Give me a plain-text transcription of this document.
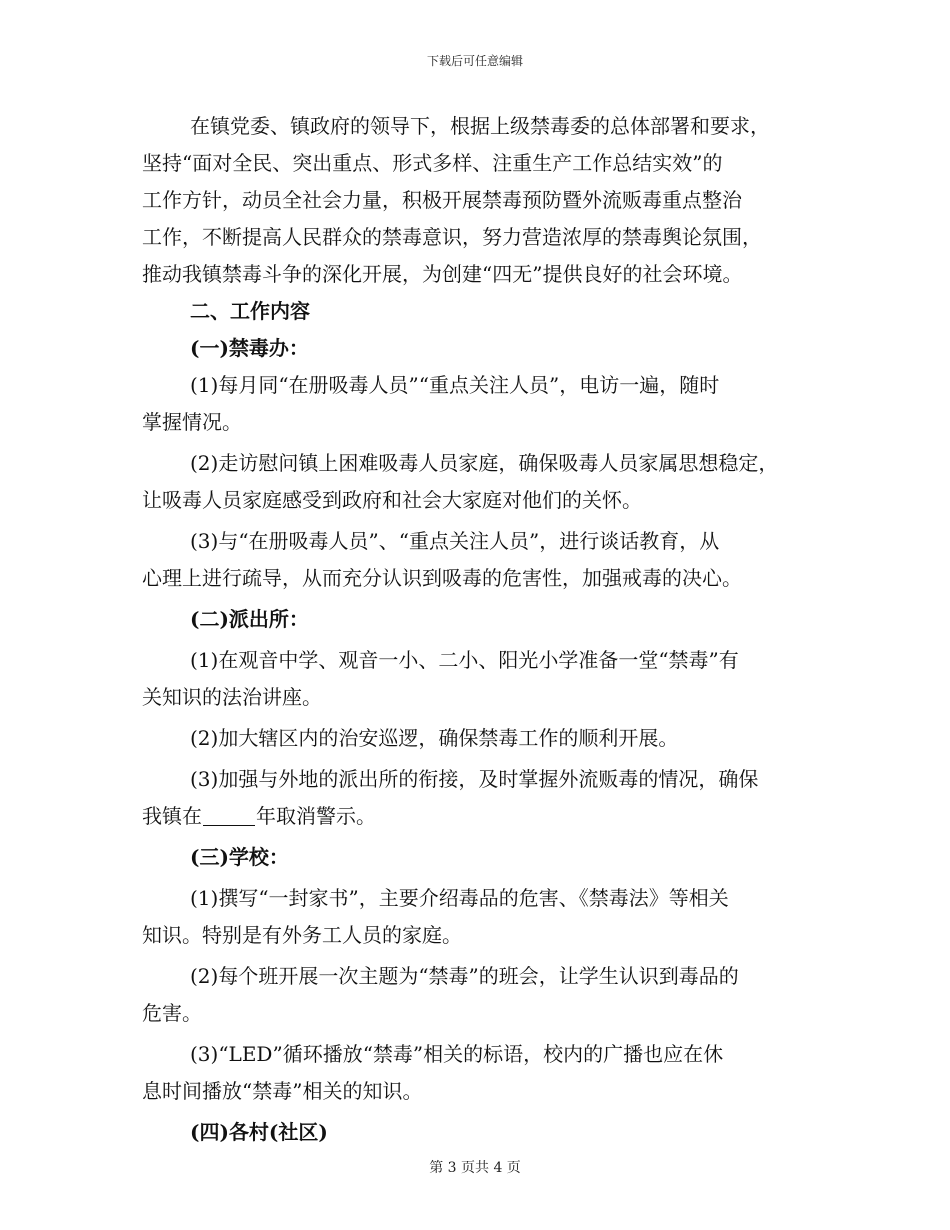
下载后可任意编辑
在镇党委、镇政府的领导下，根据上级禁毒委的总体部署和要求，
坚持“面对全民、突出重点、形式多样、注重生产工作总结实效”的
工作方针，动员全社会力量，积极开展禁毒预防暨外流贩毒重点整治
工作，不断提高人民群众的禁毒意识，努力营造浓厚的禁毒舆论氛围，
推动我镇禁毒斗争的深化开展，为创建“四无”提供良好的社会环境。
二、工作内容
(一)禁毒办：
(1)每月同“在册吸毒人员”“重点关注人员”，电访一遍，随时
掌握情况。
(2)走访慰问镇上困难吸毒人员家庭，确保吸毒人员家属思想稳定，
让吸毒人员家庭感受到政府和社会大家庭对他们的关怀。
(3)与“在册吸毒人员”、“重点关注人员”，进行谈话教育，从
心理上进行疏导，从而充分认识到吸毒的危害性，加强戒毒的决心。
(二)派出所：
(1)在观音中学、观音一小、二小、阳光小学准备一堂“禁毒”有
关知识的法治讲座。
(2)加大辖区内的治安巡逻，确保禁毒工作的顺利开展。
(3)加强与外地的派出所的衔接，及时掌握外流贩毒的情况，确保
我镇在	年取消警示。
(三)学校：
(1)撰写“一封家书”，主要介绍毒品的危害、《禁毒法》等相关
知识。特别是有外务工人员的家庭。
(2)每个班开展一次主题为“禁毒”的班会，让学生认识到毒品的
危害。
(3)“LED”循环播放“禁毒”相关的标语，校内的广播也应在休
息时间播放“禁毒”相关的知识。
(四)各村(社区)
第 3 页共 4 页
